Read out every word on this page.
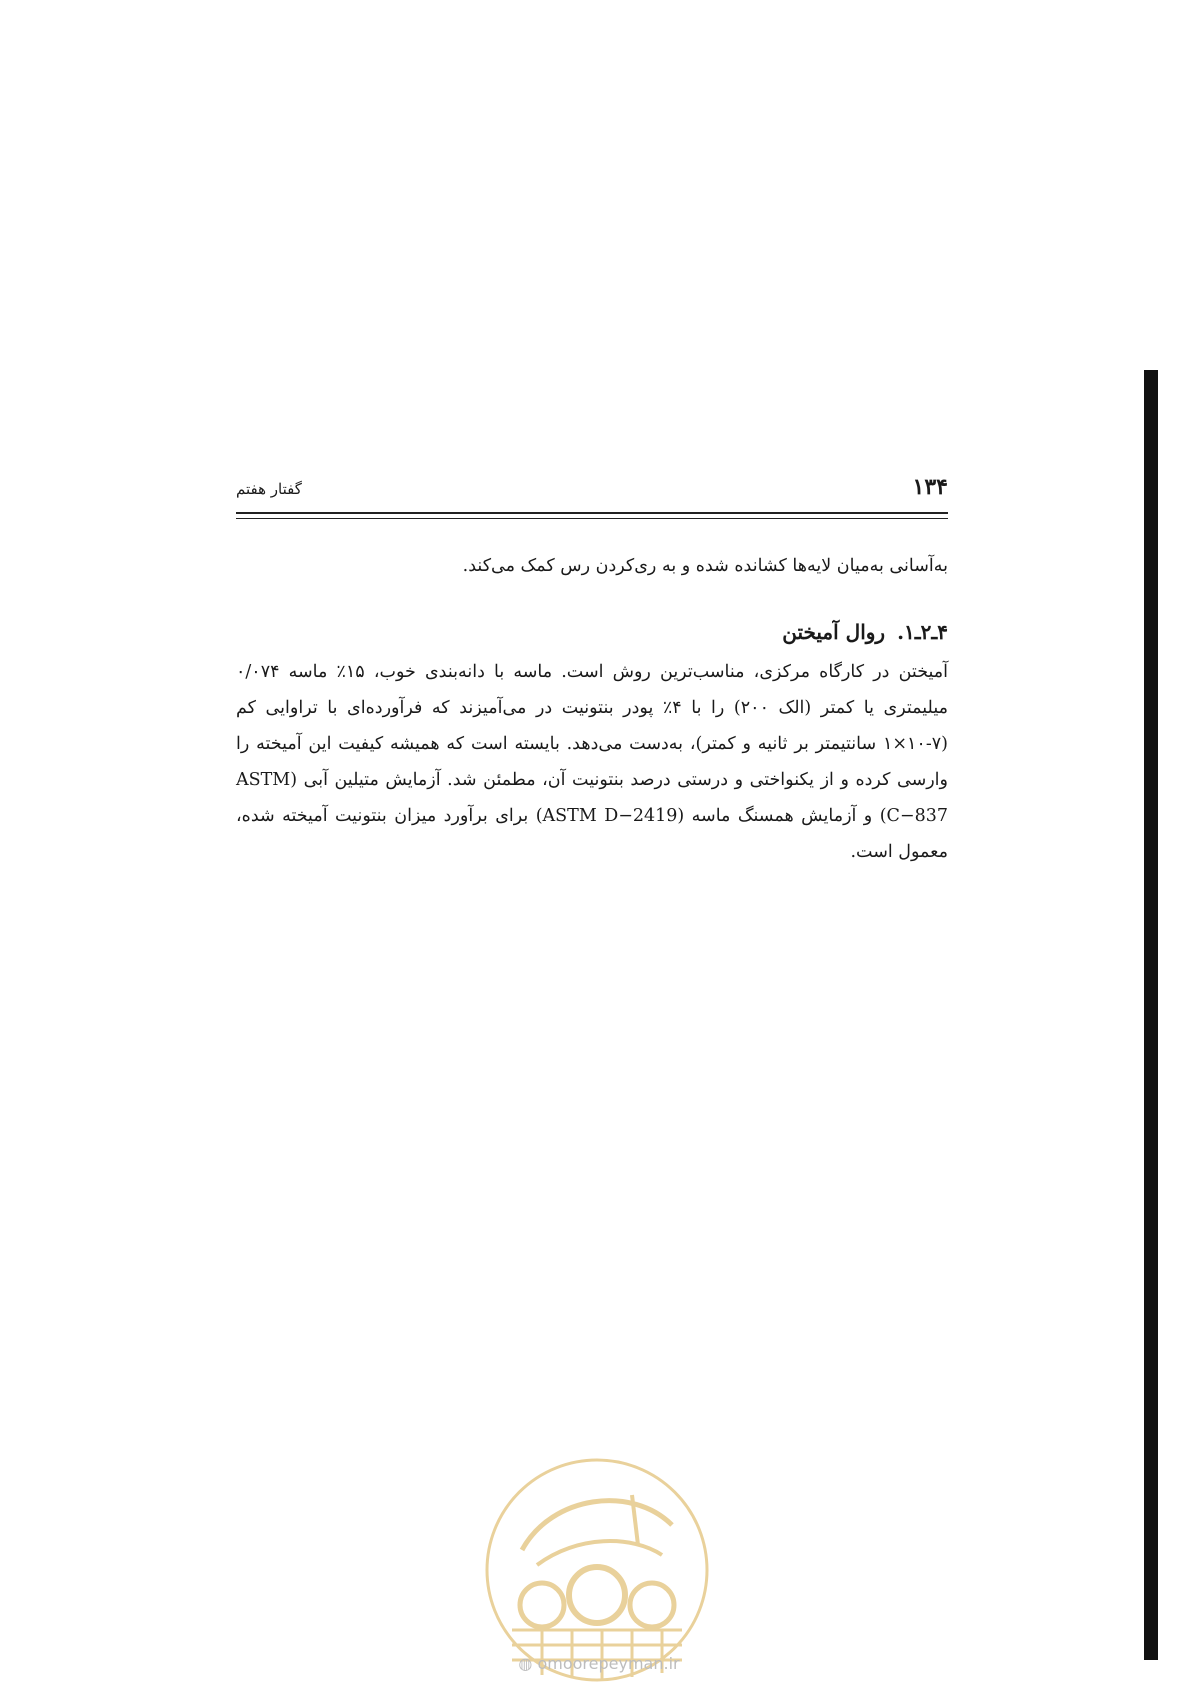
۱۳۴
گفتار هفتم

به‌آسانی به‌میان لایه‌ها کشانده شده و به ری‌کردن رس کمک می‌کند.

۴ـ۲ـ۱.روال آمیختن

آمیختن در کارگاه مرکزی، مناسب‌ترین روش است. ماسه با دانه‌بندی خوب، ۱۵٪ ماسه ۰/۰۷۴ میلیمتری یا کمتر (الک ۲۰۰) را با ۴٪ پودر بنتونیت در می‌آمیزند که فرآورده‌ای با تراوایی کم (۷-۱۰×۱ سانتیمتر بر ثانیه و کمتر)، به‌دست می‌دهد. بایسته است که همیشه کیفیت این آمیخته را وارسی کرده و از یکنواختی و درستی درصد بنتونیت آن، مطمئن شد. آزمایش متیلین آبی (ASTM C−837) و آزمایش همسنگ ماسه (ASTM D−2419) برای برآورد میزان بنتونیت آمیخته شده، معمول است.

◍ omoorepeyman.ir
